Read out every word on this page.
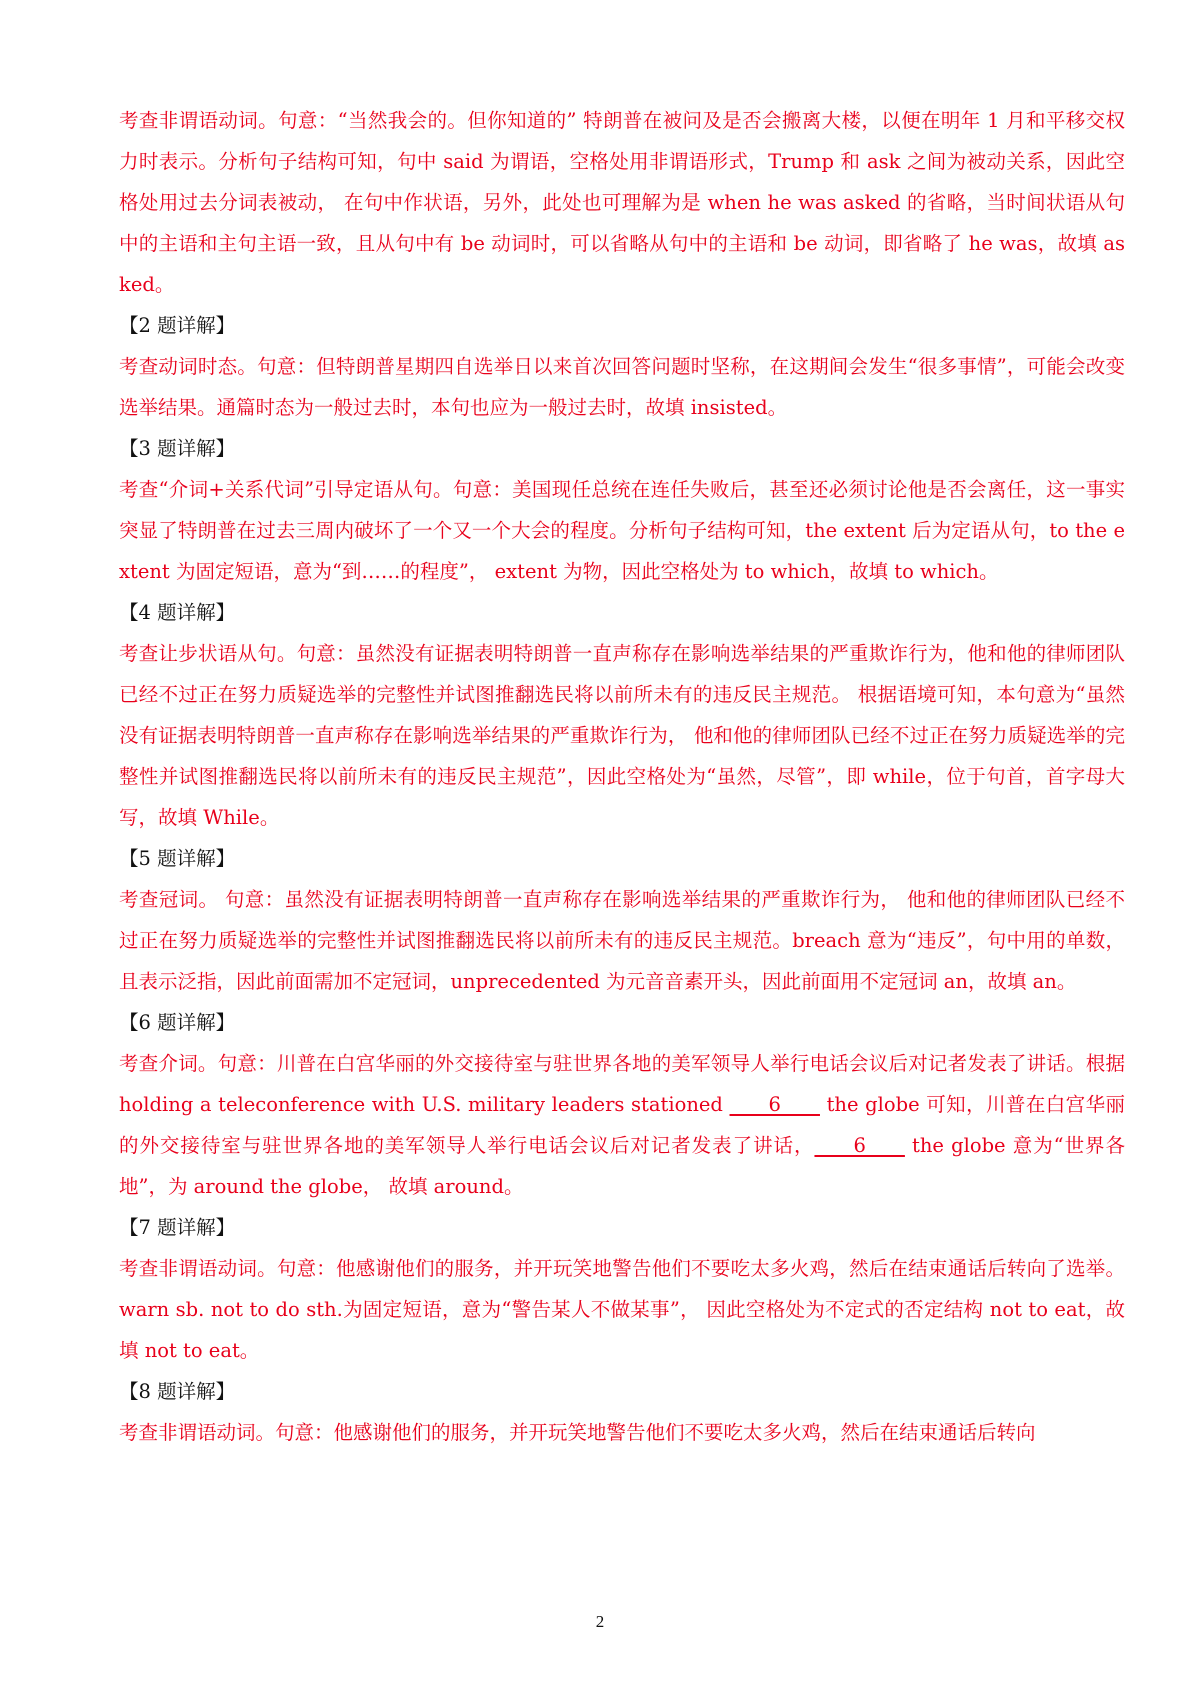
考查非谓语动词。句意：“当然我会的。但你知道的” 特朗普在被问及是否会搬离大楼，以便在明年 1 月和平移交权力时表示。分析句子结构可知，句中 said 为谓语，空格处用非谓语形式，Trump 和 ask 之间为被动关系，因此空格处用过去分词表被动， 在句中作状语，另外，此处也可理解为是 when he was asked 的省略，当时间状语从句中的主语和主句主语一致，且从句中有 be 动词时，可以省略从句中的主语和 be 动词，即省略了 he was，故填 asked。

【2 题详解】

考查动词时态。句意：但特朗普星期四自选举日以来首次回答问题时坚称，在这期间会发生“很多事情”，可能会改变选举结果。通篇时态为一般过去时，本句也应为一般过去时，故填 insisted。

【3 题详解】

考查“介词+关系代词”引导定语从句。句意：美国现任总统在连任失败后，甚至还必须讨论他是否会离任，这一事实突显了特朗普在过去三周内破坏了一个又一个大会的程度。分析句子结构可知，the extent 后为定语从句，to the extent 为固定短语，意为“到……的程度”， extent 为物，因此空格处为 to which，故填 to which。

【4 题详解】

考查让步状语从句。句意：虽然没有证据表明特朗普一直声称存在影响选举结果的严重欺诈行为，他和他的律师团队已经不过正在努力质疑选举的完整性并试图推翻选民将以前所未有的违反民主规范。 根据语境可知，本句意为“虽然没有证据表明特朗普一直声称存在影响选举结果的严重欺诈行为， 他和他的律师团队已经不过正在努力质疑选举的完整性并试图推翻选民将以前所未有的违反民主规范”，因此空格处为“虽然，尽管”，即 while，位于句首，首字母大写，故填 While。

【5 题详解】

考查冠词。 句意：虽然没有证据表明特朗普一直声称存在影响选举结果的严重欺诈行为， 他和他的律师团队已经不过正在努力质疑选举的完整性并试图推翻选民将以前所未有的违反民主规范。breach 意为“违反”，句中用的单数，且表示泛指，因此前面需加不定冠词，unprecedented 为元音音素开头，因此前面用不定冠词 an，故填 an。

【6 题详解】

考查介词。句意：川普在白宫华丽的外交接待室与驻世界各地的美军领导人举行电话会议后对记者发表了讲话。根据 holding a teleconference with U.S. military leaders stationed ____6____ the globe 可知，川普在白宫华丽的外交接待室与驻世界各地的美军领导人举行电话会议后对记者发表了讲话，____6____ the globe 意为“世界各地”，为 around the globe， 故填 around。

【7 题详解】

考查非谓语动词。句意：他感谢他们的服务，并开玩笑地警告他们不要吃太多火鸡，然后在结束通话后转向了选举。warn sb. not to do sth.为固定短语，意为“警告某人不做某事”， 因此空格处为不定式的否定结构 not to eat，故填 not to eat。

【8 题详解】

考查非谓语动词。句意：他感谢他们的服务，并开玩笑地警告他们不要吃太多火鸡，然后在结束通话后转向

2
